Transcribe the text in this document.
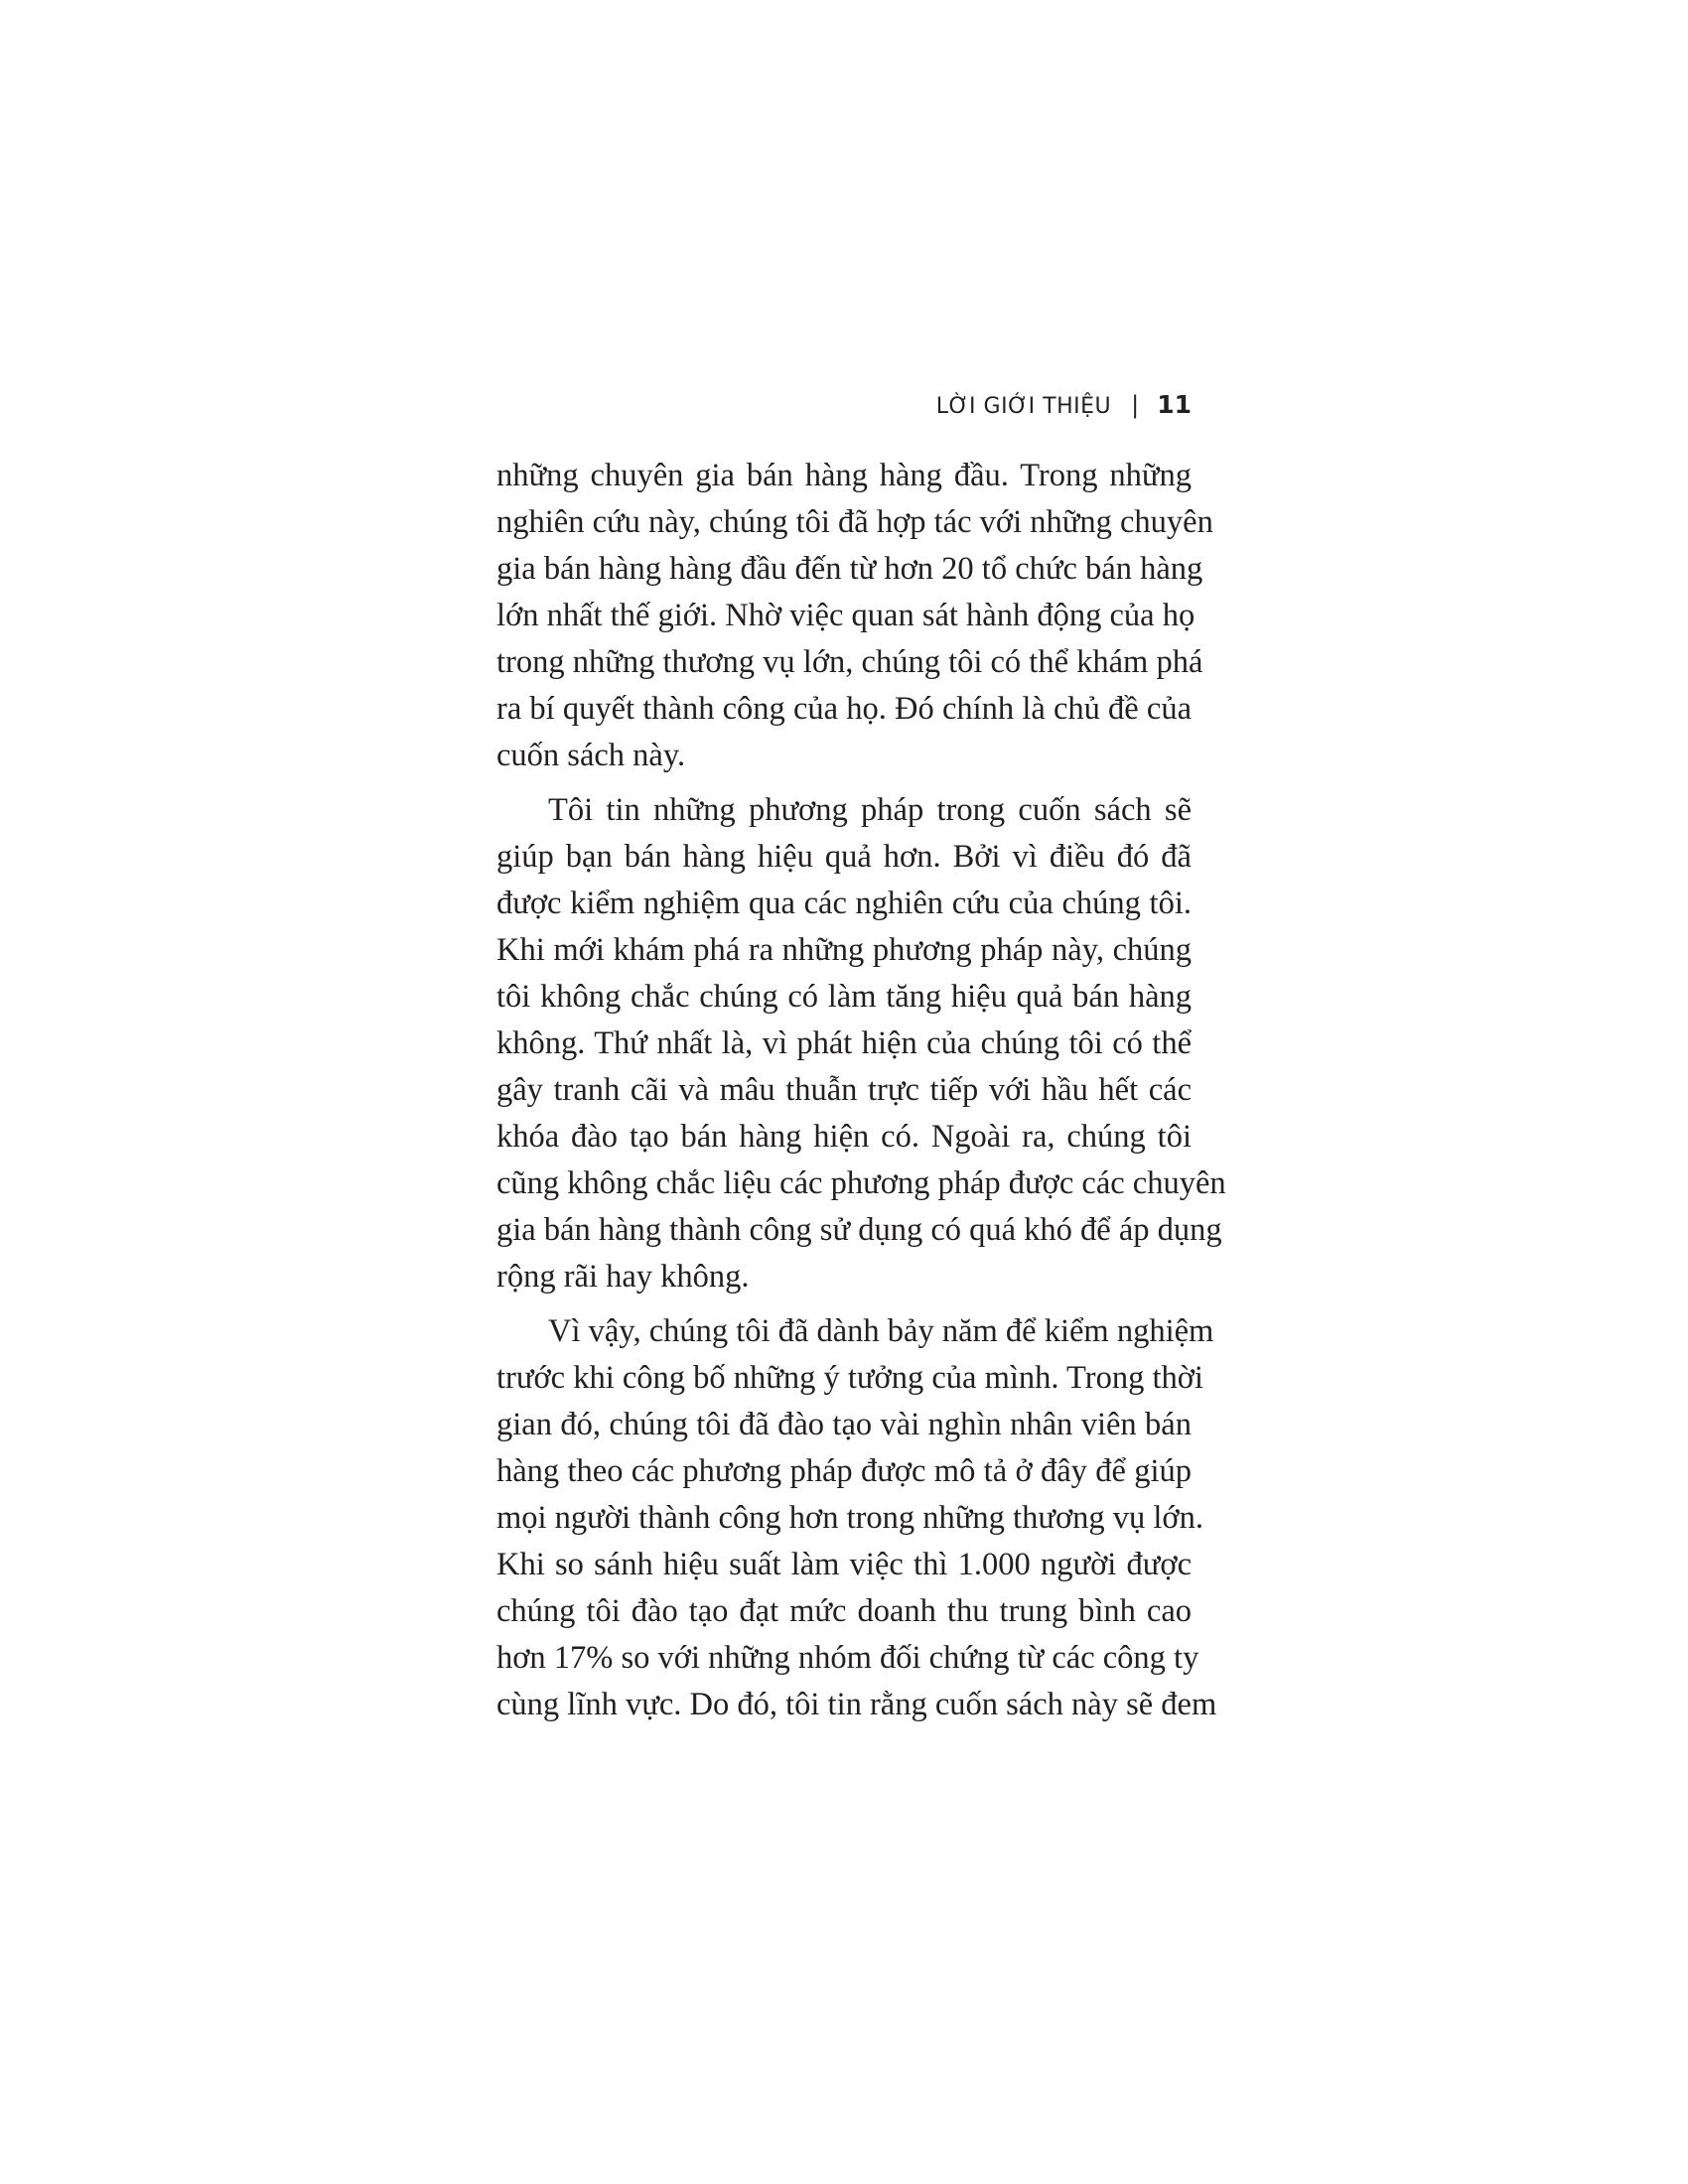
LỜI GIỚI THIỆU | 11
những chuyên gia bán hàng hàng đầu. Trong những
nghiên cứu này, chúng tôi đã hợp tác với những chuyên
gia bán hàng hàng đầu đến từ hơn 20 tổ chức bán hàng
lớn nhất thế giới. Nhờ việc quan sát hành động của họ
trong những thương vụ lớn, chúng tôi có thể khám phá
ra bí quyết thành công của họ. Đó chính là chủ đề của
cuốn sách này.
Tôi tin những phương pháp trong cuốn sách sẽ
giúp bạn bán hàng hiệu quả hơn. Bởi vì điều đó đã
được kiểm nghiệm qua các nghiên cứu của chúng tôi.
Khi mới khám phá ra những phương pháp này, chúng
tôi không chắc chúng có làm tăng hiệu quả bán hàng
không. Thứ nhất là, vì phát hiện của chúng tôi có thể
gây tranh cãi và mâu thuẫn trực tiếp với hầu hết các
khóa đào tạo bán hàng hiện có. Ngoài ra, chúng tôi
cũng không chắc liệu các phương pháp được các chuyên
gia bán hàng thành công sử dụng có quá khó để áp dụng
rộng rãi hay không.
Vì vậy, chúng tôi đã dành bảy năm để kiểm nghiệm
trước khi công bố những ý tưởng của mình. Trong thời
gian đó, chúng tôi đã đào tạo vài nghìn nhân viên bán
hàng theo các phương pháp được mô tả ở đây để giúp
mọi người thành công hơn trong những thương vụ lớn.
Khi so sánh hiệu suất làm việc thì 1.000 người được
chúng tôi đào tạo đạt mức doanh thu trung bình cao
hơn 17% so với những nhóm đối chứng từ các công ty
cùng lĩnh vực. Do đó, tôi tin rằng cuốn sách này sẽ đem
